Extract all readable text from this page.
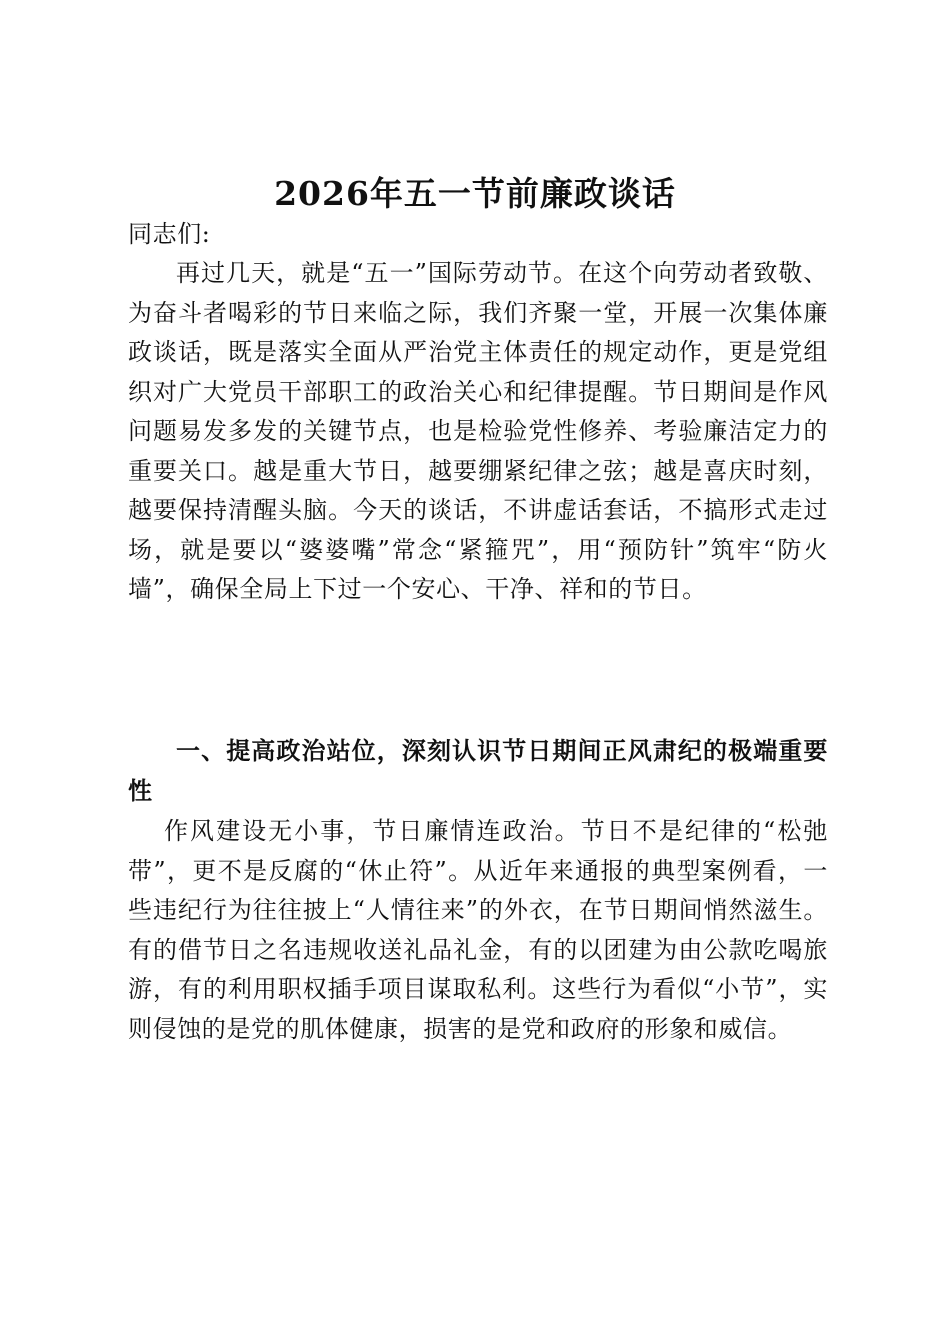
2026年五一节前廉政谈话
同志们:
再过几天，就是“五一”国际劳动节。在这个向劳动者致敬、为奋斗者喝彩的节日来临之际，我们齐聚一堂，开展一次集体廉政谈话，既是落实全面从严治党主体责任的规定动作，更是党组织对广大党员干部职工的政治关心和纪律提醒。节日期间是作风问题易发多发的关键节点，也是检验党性修养、考验廉洁定力的重要关口。越是重大节日，越要绷紧纪律之弦；越是喜庆时刻，越要保持清醒头脑。今天的谈话，不讲虚话套话，不搞形式走过场，就是要以“婆婆嘴”常念“紧箍咒”，用“预防针”筑牢“防火墙”，确保全局上下过一个安心、干净、祥和的节日。
一、提高政治站位，深刻认识节日期间正风肃纪的极端重要性
作风建设无小事，节日廉情连政治。节日不是纪律的“松弛带”，更不是反腐的“休止符”。从近年来通报的典型案例看，一些违纪行为往往披上“人情往来”的外衣，在节日期间悄然滋生。有的借节日之名违规收送礼品礼金，有的以团建为由公款吃喝旅游，有的利用职权插手项目谋取私利。这些行为看似“小节”，实则侵蚀的是党的肌体健康，损害的是党和政府的形象和威信。
